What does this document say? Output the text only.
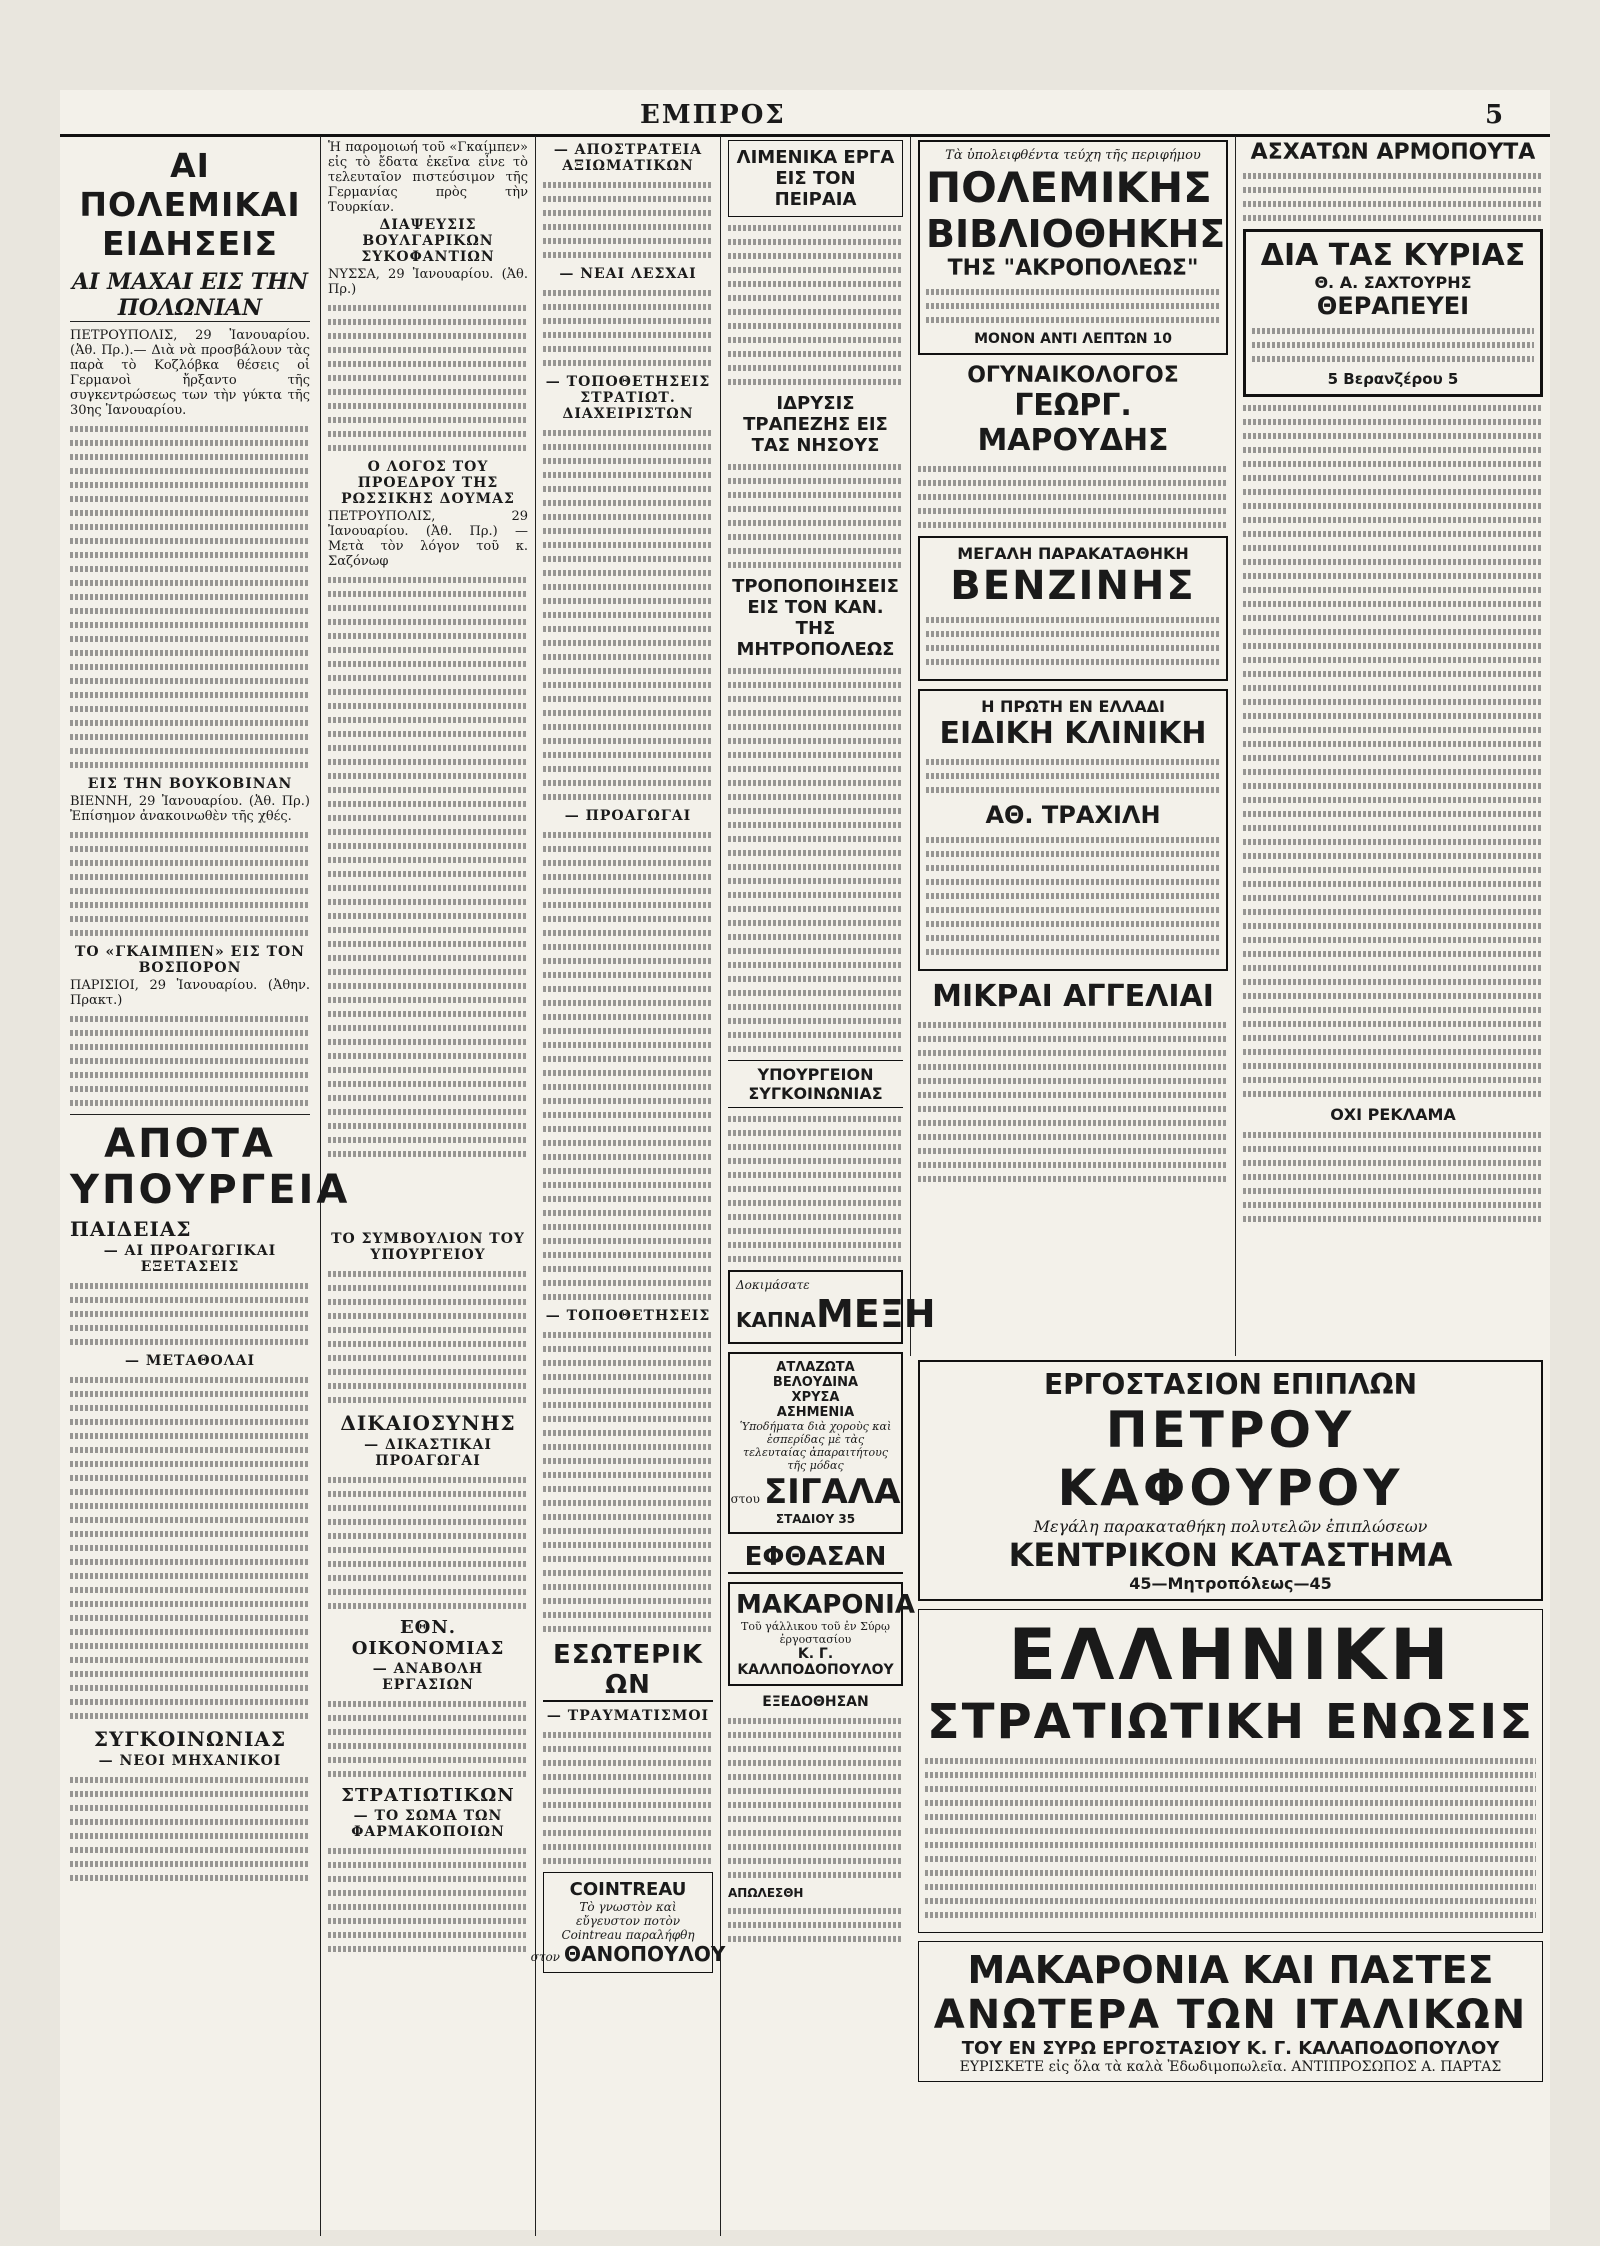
ΕΜΠΡΟΣ	5
ΑΙ ΠΟΛΕΜΙΚΑΙ ΕΙΔΗΣΕΙΣ
ΑΙ ΜΑΧΑΙ ΕΙΣ ΤΗΝ ΠΟΛΩΝΙΑΝ

ΠΕΤΡΟΥΠΟΛΙΣ, 29 Ἰανουαρίου. (Ἀθ. Πρ.).— Διὰ νὰ προσβάλουν τὰς παρὰ τὸ Κοζλόβκα θέσεις οἱ Γερμανοὶ ἤρξαντο τῆς συγκεντρώσεως των τὴν γύκτα τῆς 30ης Ἰανουαρίου.

ΕΙΣ ΤΗΝ ΒΟΥΚΟΒΙΝΑΝ

ΒΙΕΝΝΗ, 29 Ἰανουαρίου. (Ἀθ. Πρ.) Ἐπίσημον ἀνακοινωθὲν τῆς χθές.

ΤΟ «ΓΚΑΙΜΠΕΝ» ΕΙΣ ΤΟΝ ΒΟΣΠΟΡΟΝ

ΠΑΡΙΣΙΟΙ, 29 Ἰανουαρίου. (Ἀθην. Πρακτ.)

ΑΠΟΤΑ ΥΠΟΥΡΓΕΙΑ
ΠΑΙΔΕΙΑΣ
— ΑΙ ΠΡΟΑΓΩΓΙΚΑΙ ΕΞΕΤΑΣΕΙΣ
— ΜΕΤΑΘΟΛΑΙ
ΣΥΓΚΟΙΝΩΝΙΑΣ
— ΝΕΟΙ ΜΗΧΑΝΙΚΟΙ

Ἡ παρομοιωή τοῦ «Γκαίμπεν» εἰς τὸ ἔδατα ἐκεῖνα εἶνε τὸ τελευταῖον πιστεύσιμον τῆς Γερμανίας πρὸς τὴν Τουρκίαν.

ΔΙΑΨΕΥΣΙΣ ΒΟΥΛΓΑΡΙΚΩΝ ΣΥΚΟΦΑΝΤΙΩΝ

ΝΥΣΣΑ, 29 Ἰανουαρίου. (Ἀθ. Πρ.)

Ο ΛΟΓΟΣ ΤΟΥ ΠΡΟΕΔΡΟΥ ΤΗΣ ΡΩΣΣΙΚΗΣ ΔΟΥΜΑΣ

ΠΕΤΡΟΥΠΟΛΙΣ, 29 Ἰανουαρίου. (Ἀθ. Πρ.) — Μετὰ τὸν λόγον τοῦ κ. Σαζόνωφ

ΤΟ ΣΥΜΒΟΥΛΙΟΝ ΤΟΥ ΥΠΟΥΡΓΕΙΟΥ
ΔΙΚΑΙΟΣΥΝΗΣ
— ΔΙΚΑΣΤΙΚΑΙ ΠΡΟΑΓΩΓΑΙ
ΕΘΝ. ΟΙΚΟΝΟΜΙΑΣ
— ΑΝΑΒΟΛΗ ΕΡΓΑΣΙΩΝ
ΣΤΡΑΤΙΩΤΙΚΩΝ
— ΤΟ ΣΩΜΑ ΤΩΝ ΦΑΡΜΑΚΟΠΟΙΩΝ
— ΑΠΟΣΤΡΑΤΕΙΑ ΑΞΙΩΜΑΤΙΚΩΝ
— ΝΕΑΙ ΛΕΣΧΑΙ
— ΤΟΠΟΘΕΤΗΣΕΙΣ ΣΤΡΑΤΙΩΤ. ΔΙΑΧΕΙΡΙΣΤΩΝ
— ΠΡΟΑΓΩΓΑΙ
— ΤΟΠΟΘΕΤΗΣΕΙΣ
ΕΣΩΤΕΡΙΚ ΩΝ
— ΤΡΑΥΜΑΤΙΣΜΟΙ
COINTREAU
Τὸ γνωστὸν καὶ εὔγευστον ποτὸν Cointreau παραλήφθη
στον ΘΑΝΟΠΟΥΛΟΥ
ΛΙΜΕΝΙΚΑ ΕΡΓΑ ΕΙΣ ΤΟΝ ΠΕΙΡΑΙΑ
ΙΔΡΥΣΙΣ ΤΡΑΠΕΖΗΣ ΕΙΣ ΤΑΣ ΝΗΣΟΥΣ
ΤΡΟΠΟΠΟΙΗΣΕΙΣ ΕΙΣ ΤΟΝ ΚΑΝ. ΤΗΣ ΜΗΤΡΟΠΟΛΕΩΣ
ΥΠΟΥΡΓΕΙΟΝ ΣΥΓΚΟΙΝΩΝΙΑΣ
Δοκιμάσατε
ΚΑΠΝΑ ΜΕΞΗ
ΑΤΛΑΖΩΤΑ
ΒΕΛΟΥΔΙΝΑ
ΧΡΥΣΑ
ΑΣΗΜΕΝΙΑ
Ὑποδήματα διὰ χοροὺς καὶ ἑσπερίδας μὲ τὰς τελευταίας ἀπαραιτήτους τῆς μόδας
στου ΣΙΓΑΛΑ
ΣΤΑΔΙΟΥ 35
ΕΦΘΑΣΑΝ
ΜΑΚΑΡΟΝΙΑ
Τοῦ γάλλικου τοῦ ἐν Σύρῳ ἐργοστασίου
Κ. Γ. ΚΑΛΛΠΟΔΟΠΟΥΛΟΥ
ΕΞΕΔΟΘΗΣΑΝ
ΑΠΩΛΕΣΘΗ
Τὰ ὑπολειφθέντα τεύχη τῆς περιφήμου
ΠΟΛΕΜΙΚΗΣ
ΒΙΒΛΙΟΘΗΚΗΣ
ΤΗΣ "ΑΚΡΟΠΟΛΕΩΣ"
ΜΟΝΟΝ ΑΝΤΙ ΛΕΠΤΩΝ 10
ΟΓΥΝΑΙΚΟΛΟΓΟΣ
ΓΕΩΡΓ. ΜΑΡΟΥΔΗΣ
ΜΕΓΑΛΗ ΠΑΡΑΚΑΤΑΘΗΚΗ
ΒΕΝΖΙΝΗΣ
Η ΠΡΩΤΗ ΕΝ ΕΛΛΑΔΙ
ΕΙΔΙΚΗ ΚΛΙΝΙΚΗ
ΑΘ. ΤΡΑΧΙΛΗ
ΜΙΚΡΑΙ ΑΓΓΕΛΙΑΙ
ΑΣΧΑΤΩΝ ΑΡΜΟΠΟΥΤΑ
ΔΙΑ ΤΑΣ ΚΥΡΙΑΣ
Θ. Α. ΣΑΧΤΟΥΡΗΣ
ΘΕΡΑΠΕΥΕΙ
5 Βερανζέρου 5
ΟΧΙ ΡΕΚΛΑΜΑ
ΕΡΓΟΣΤΑΣΙΟΝ ΕΠΙΠΛΩΝ
ΠΕΤΡΟΥ ΚΑΦΟΥΡΟΥ
Μεγάλη παρακαταθήκη πολυτελῶν ἐπιπλώσεων
ΚΕΝΤΡΙΚΟΝ ΚΑΤΑΣΤΗΜΑ
45—Μητροπόλεως—45
ΕΛΛΗΝΙΚΗ
ΣΤΡΑΤΙΩΤΙΚΗ ΕΝΩΣΙΣ
ΜΑΚΑΡΟΝΙΑ ΚΑΙ ΠΑΣΤΕΣ
ΑΝΩΤΕΡΑ ΤΩΝ ΙΤΑΛΙΚΩΝ
ΤΟΥ ΕΝ ΣΥΡΩ ΕΡΓΟΣΤΑΣΙΟΥ Κ. Γ. ΚΑΛΑΠΟΔΟΠΟΥΛΟΥ
ΕΥΡΙΣΚΕΤΕ εἰς ὅλα τὰ καλὰ Ἐδωδιμοπωλεῖα. ΑΝΤΙΠΡΟΣΩΠΟΣ Α. ΠΑΡΤΑΣ
